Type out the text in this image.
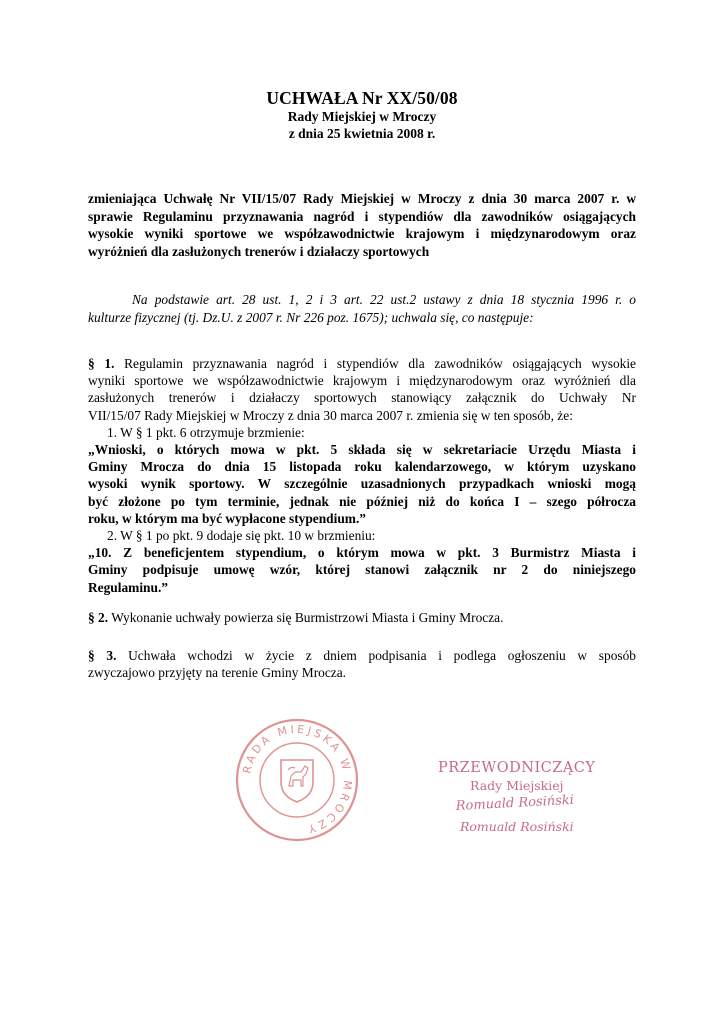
UCHWAŁA Nr XX/50/08
Rady Miejskiej w Mroczy
z dnia 25 kwietnia 2008 r.
zmieniająca Uchwałę Nr VII/15/07 Rady Miejskiej w Mroczy z dnia 30 marca 2007 r. w
sprawie Regulaminu przyznawania nagród i stypendiów dla zawodników osiągających
wysokie wyniki sportowe we współzawodnictwie krajowym i międzynarodowym oraz
wyróżnień dla zasłużonych trenerów i działaczy sportowych
Na podstawie art. 28 ust. 1, 2 i 3 art. 22 ust.2 ustawy z dnia 18 stycznia 1996 r. o
kulturze fizycznej (tj. Dz.U. z 2007 r. Nr 226 poz. 1675); uchwala się, co następuje:
§ 1. Regulamin przyznawania nagród i stypendiów dla zawodników osiągających wysokie
wyniki sportowe we współzawodnictwie krajowym i międzynarodowym oraz wyróżnień dla
zasłużonych trenerów i działaczy sportowych stanowiący załącznik do Uchwały Nr
VII/15/07 Rady Miejskiej w Mroczy z dnia 30 marca 2007 r. zmienia się w ten sposób, że:
1. W § 1 pkt. 6 otrzymuje brzmienie:
„Wnioski, o których mowa w pkt. 5 składa się w sekretariacie Urzędu Miasta i
Gminy Mrocza do dnia 15 listopada roku kalendarzowego, w którym uzyskano
wysoki wynik sportowy. W szczególnie uzasadnionych przypadkach wnioski mogą
być złożone po tym terminie, jednak nie później niż do końca I – szego półrocza
roku, w którym ma być wypłacone stypendium.”
2. W § 1 po pkt. 9 dodaje się pkt. 10 w brzmieniu:
„10. Z beneficjentem stypendium, o którym mowa w pkt. 3 Burmistrz Miasta i
Gminy podpisuje umowę wzór, której stanowi załącznik nr 2 do niniejszego
Regulaminu.”
§ 2. Wykonanie uchwały powierza się Burmistrzowi Miasta i Gminy Mrocza.
§ 3. Uchwała wchodzi w życie z dniem podpisania i podlega ogłoszeniu w sposób
zwyczajowo przyjęty na terenie Gminy Mrocza.
RADA MIEJSKA W MROCZY
PRZEWODNICZĄCY
Rady Miejskiej
Romuald Rosiński
Romuald Rosiński
